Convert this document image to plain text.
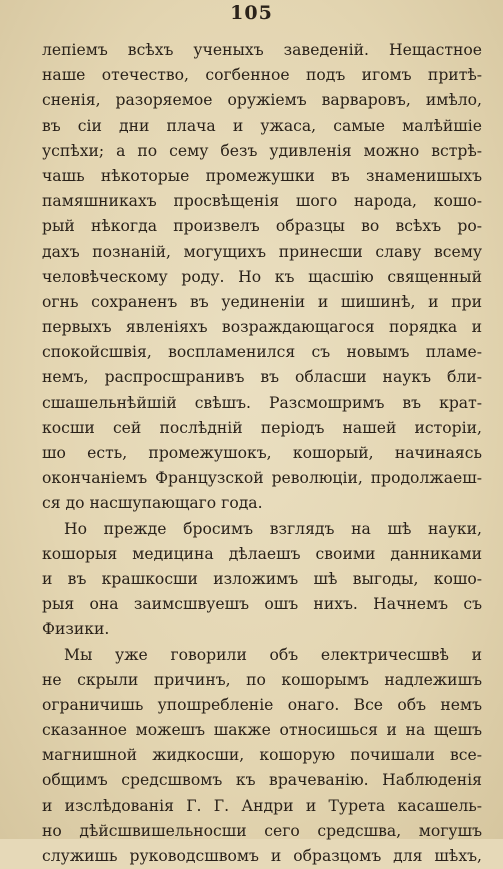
105
лепіемъ всѣхъ ученыхъ заведеній. Нещастное
наше отечество, согбенное подъ игомъ притѣ-
сненія, разоряемое оружіемъ варваровъ, имѣло,
въ сіи дни плача и ужаса, самые малѣйшіе
успѣхи; а по сему безъ удивленія можно встрѣ-
чашь нѣкоторые промежушки въ знаменишыхъ
памяшникахъ просвѣщенія шого народа, кошо-
рый нѣкогда произвелъ образцы во всѣхъ ро-
дахъ познаній, могущихъ принесши славу всему
человѣческому роду. Но къ щасшію священный
огнь сохраненъ въ уединеніи и шишинѣ, и при
первыхъ явленіяхъ возраждающагося порядка и
спокойсшвія, воспламенился съ новымъ пламе-
немъ, распросшранивъ въ обласши наукъ бли-
сшашельнѣйшій свѣшъ. Разсмошримъ въ крат-
косши сей послѣдній періодъ нашей исторіи,
шо есть, промежушокъ, кошорый, начинаясь
окончаніемъ Французской революціи, продолжаеш-
ся до насшупающаго года.
Но прежде бросимъ взглядъ на шѣ науки,
кошорыя медицина дѣлаешъ своими данниками
и въ крашкосши изложимъ шѣ выгоды, кошо-
рыя она заимсшвуешъ ошъ нихъ. Начнемъ съ
Физики.
Мы уже говорили объ електричесшвѣ и
не скрыли причинъ, по кошорымъ надлежишъ
ограничишь упошребленіе онаго. Все объ немъ
сказанное можешъ шакже относишься и на щешъ
магнишной жидкосши, кошорую почишали все-
общимъ средсшвомъ къ врачеванію. Наблюденія
и изслѣдованія Г. Г. Андри и Турета касашель-
но дѣйсшвишельносши сего средсшва, могушъ
служишь руководсшвомъ и образцомъ для шѣхъ,
